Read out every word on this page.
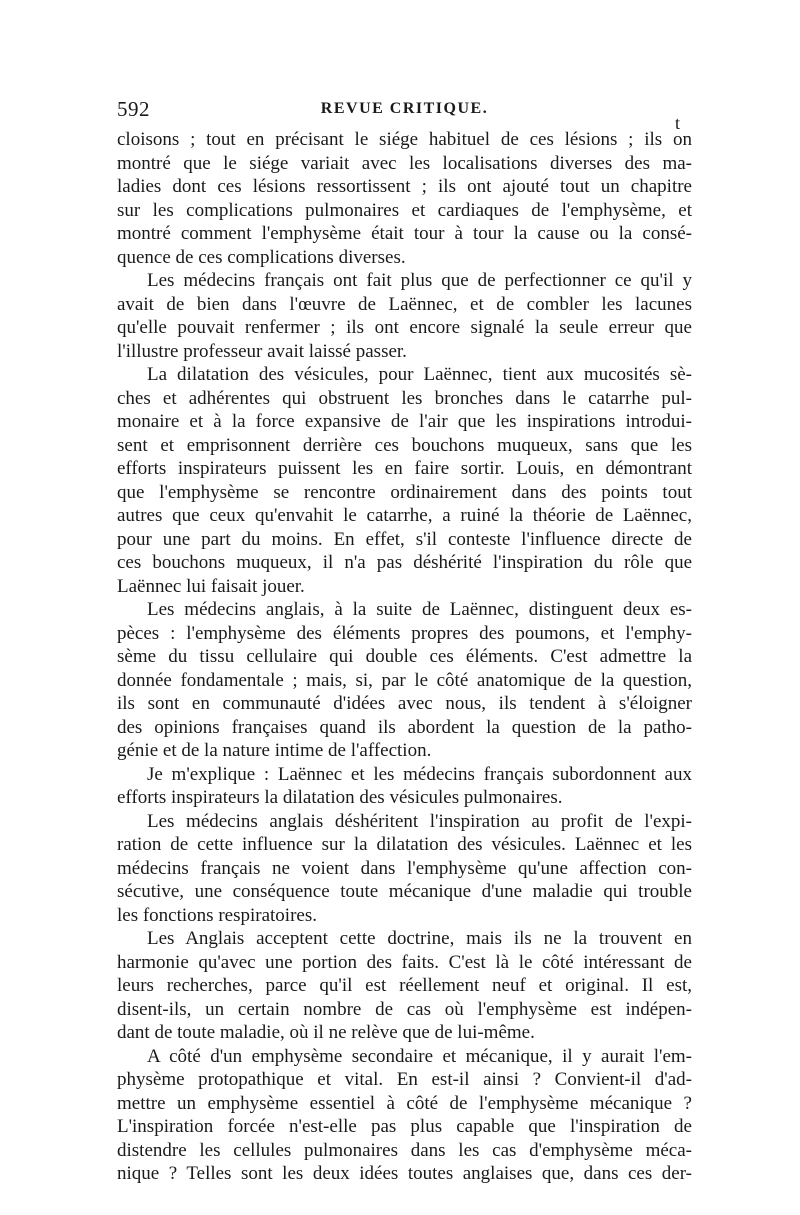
592	REVUE CRITIQUE.
t
cloisons ; tout en précisant le siége habituel de ces lésions ; ils on
montré que le siége variait avec les localisations diverses des ma-
ladies dont ces lésions ressortissent ; ils ont ajouté tout un chapitre
sur les complications pulmonaires et cardiaques de l'emphysème, et
montré comment l'emphysème était tour à tour la cause ou la consé-
quence de ces complications diverses.
Les médecins français ont fait plus que de perfectionner ce qu'il y
avait de bien dans l'œuvre de Laënnec, et de combler les lacunes
qu'elle pouvait renfermer ; ils ont encore signalé la seule erreur que
l'illustre professeur avait laissé passer.
La dilatation des vésicules, pour Laënnec, tient aux mucosités sè-
ches et adhérentes qui obstruent les bronches dans le catarrhe pul-
monaire et à la force expansive de l'air que les inspirations introdui-
sent et emprisonnent derrière ces bouchons muqueux, sans que les
efforts inspirateurs puissent les en faire sortir. Louis, en démontrant
que l'emphysème se rencontre ordinairement dans des points tout
autres que ceux qu'envahit le catarrhe, a ruiné la théorie de Laënnec,
pour une part du moins. En effet, s'il conteste l'influence directe de
ces bouchons muqueux, il n'a pas déshérité l'inspiration du rôle que
Laënnec lui faisait jouer.
Les médecins anglais, à la suite de Laënnec, distinguent deux es-
pèces : l'emphysème des éléments propres des poumons, et l'emphy-
sème du tissu cellulaire qui double ces éléments. C'est admettre la
donnée fondamentale ; mais, si, par le côté anatomique de la question,
ils sont en communauté d'idées avec nous, ils tendent à s'éloigner
des opinions françaises quand ils abordent la question de la patho-
génie et de la nature intime de l'affection.
Je m'explique : Laënnec et les médecins français subordonnent aux
efforts inspirateurs la dilatation des vésicules pulmonaires.
Les médecins anglais déshéritent l'inspiration au profit de l'expi-
ration de cette influence sur la dilatation des vésicules. Laënnec et les
médecins français ne voient dans l'emphysème qu'une affection con-
sécutive, une conséquence toute mécanique d'une maladie qui trouble
les fonctions respiratoires.
Les Anglais acceptent cette doctrine, mais ils ne la trouvent en
harmonie qu'avec une portion des faits. C'est là le côté intéressant de
leurs recherches, parce qu'il est réellement neuf et original. Il est,
disent-ils, un certain nombre de cas où l'emphysème est indépen-
dant de toute maladie, où il ne relève que de lui-même.
A côté d'un emphysème secondaire et mécanique, il y aurait l'em-
physème protopathique et vital. En est-il ainsi ? Convient-il d'ad-
mettre un emphysème essentiel à côté de l'emphysème mécanique ?
L'inspiration forcée n'est-elle pas plus capable que l'inspiration de
distendre les cellules pulmonaires dans les cas d'emphysème méca-
nique ? Telles sont les deux idées toutes anglaises que, dans ces der-
